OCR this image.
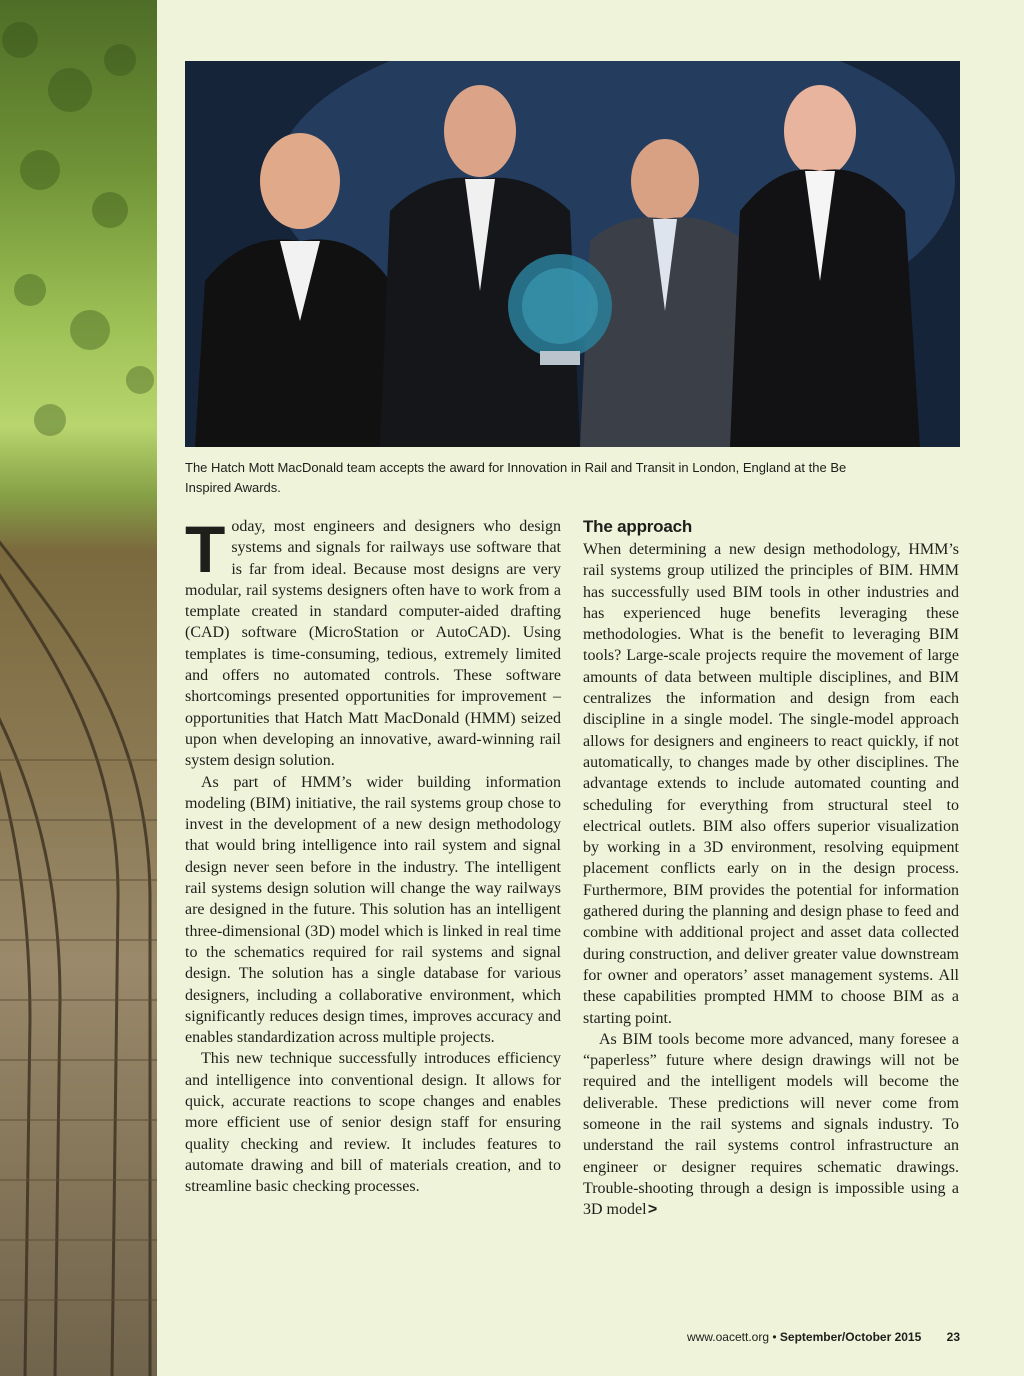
The Hatch Mott MacDonald team accepts the award for Innovation in Rail and Transit in London, England at the Be Inspired Awards.

Today, most engineers and designers who design systems and signals for railways use software that is far from ideal. Because most designs are very modular, rail systems designers often have to work from a template created in standard computer-aided drafting (CAD) software (MicroStation or AutoCAD). Using templates is time-consuming, tedious, extremely limited and offers no automated controls. These software shortcomings presented opportunities for improvement – opportunities that Hatch Matt MacDonald (HMM) seized upon when developing an innovative, award-winning rail system design solution.

As part of HMM’s wider building information modeling (BIM) initiative, the rail systems group chose to invest in the development of a new design methodology that would bring intelligence into rail system and signal design never seen before in the industry. The intelligent rail systems design solution will change the way railways are designed in the future. This solution has an intelligent three-dimensional (3D) model which is linked in real time to the schematics required for rail systems and signal design. The solution has a single database for various designers, including a collaborative environment, which significantly reduces design times, improves accuracy and enables standardization across multiple projects.

This new technique successfully introduces efficiency and intelligence into conventional design. It allows for quick, accurate reactions to scope changes and enables more efficient use of senior design staff for ensuring quality checking and review. It includes features to automate drawing and bill of materials creation, and to streamline basic checking processes.

The approach

When determining a new design methodology, HMM’s rail systems group utilized the principles of BIM. HMM has successfully used BIM tools in other industries and has experienced huge benefits leveraging these methodologies. What is the benefit to leveraging BIM tools? Large-scale projects require the movement of large amounts of data between multiple disciplines, and BIM centralizes the information and design from each discipline in a single model. The single-model approach allows for designers and engineers to react quickly, if not automatically, to changes made by other disciplines. The advantage extends to include automated counting and scheduling for everything from structural steel to electrical outlets. BIM also offers superior visualization by working in a 3D environment, resolving equipment placement conflicts early on in the design process. Furthermore, BIM provides the potential for information gathered during the planning and design phase to feed and combine with additional project and asset data collected during construction, and deliver greater value downstream for owner and operators’ asset management systems. All these capabilities prompted HMM to choose BIM as a starting point.

As BIM tools become more advanced, many foresee a “paperless” future where design drawings will not be required and the intelligent models will become the deliverable. These predictions will never come from someone in the rail systems and signals industry. To understand the rail systems control infrastructure an engineer or designer requires schematic drawings. Trouble-shooting through a design is impossible using a 3D model >

www.oacett.org • September/October 2015 23
